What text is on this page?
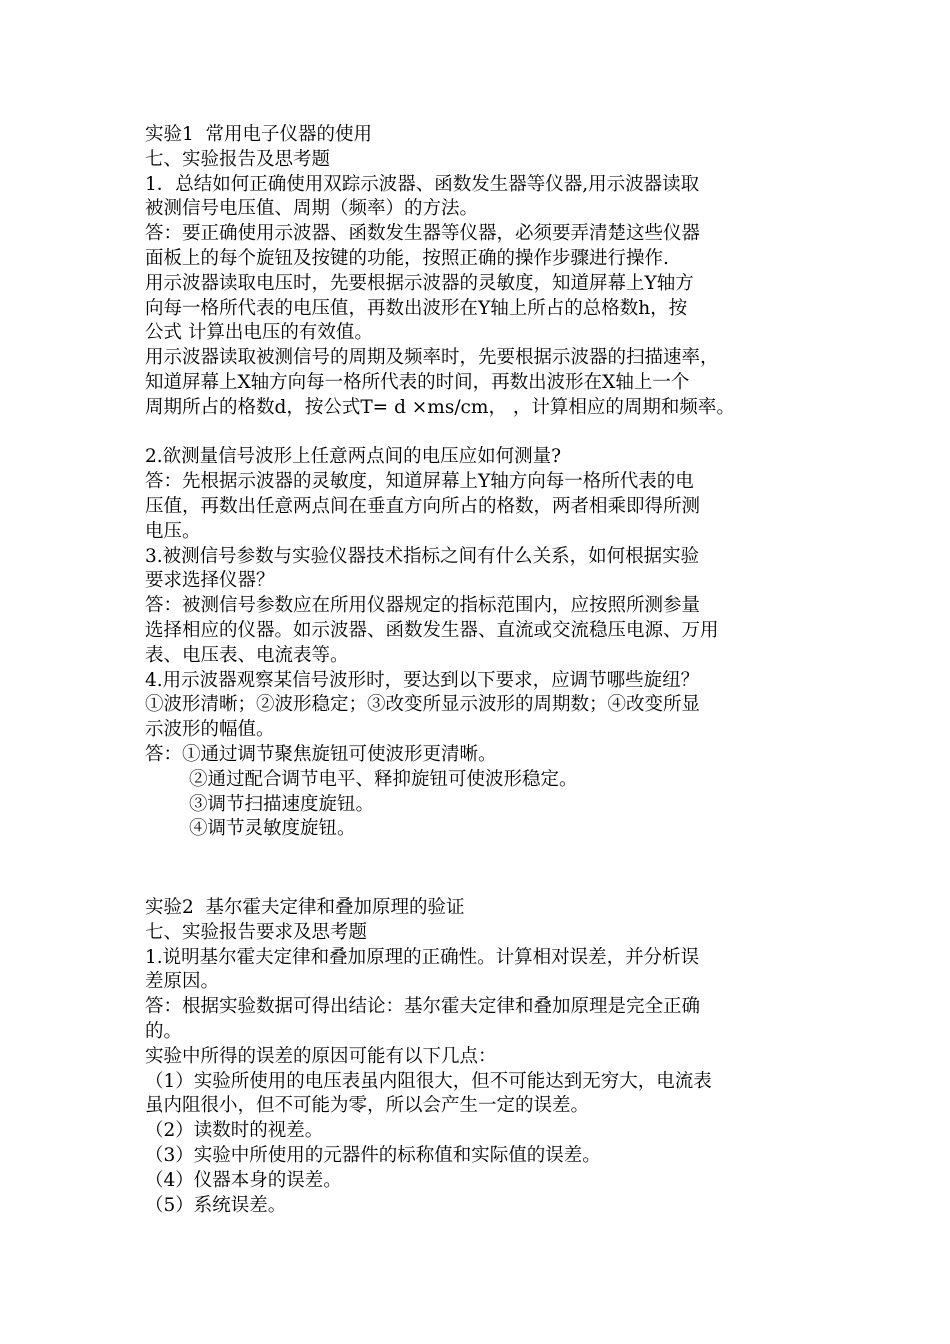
实验1  常用电子仪器的使用
七、实验报告及思考题
1．总结如何正确使用双踪示波器、函数发生器等仪器,用示波器读取
被测信号电压值、周期（频率）的方法。
答：要正确使用示波器、函数发生器等仪器，必须要弄清楚这些仪器
面板上的每个旋钮及按键的功能，按照正确的操作步骤进行操作.
用示波器读取电压时，先要根据示波器的灵敏度，知道屏幕上Y轴方
向每一格所代表的电压值，再数出波形在Y轴上所占的总格数h，按
公式 计算出电压的有效值。
用示波器读取被测信号的周期及频率时，先要根据示波器的扫描速率，
知道屏幕上X轴方向每一格所代表的时间，再数出波形在X轴上一个
周期所占的格数d，按公式T= d ×ms/cm， ，计算相应的周期和频率。
2.欲测量信号波形上任意两点间的电压应如何测量?
答：先根据示波器的灵敏度，知道屏幕上Y轴方向每一格所代表的电
压值，再数出任意两点间在垂直方向所占的格数，两者相乘即得所测
电压。
3.被测信号参数与实验仪器技术指标之间有什么关系，如何根据实验
要求选择仪器？
答：被测信号参数应在所用仪器规定的指标范围内，应按照所测参量
选择相应的仪器。如示波器、函数发生器、直流或交流稳压电源、万用
表、电压表、电流表等。
4.用示波器观察某信号波形时，要达到以下要求，应调节哪些旋纽？
①波形清晰；②波形稳定；③改变所显示波形的周期数；④改变所显
示波形的幅值。
答：①通过调节聚焦旋钮可使波形更清晰。
②通过配合调节电平、释抑旋钮可使波形稳定。
③调节扫描速度旋钮。
④调节灵敏度旋钮。
实验2  基尔霍夫定律和叠加原理的验证
七、实验报告要求及思考题
1.说明基尔霍夫定律和叠加原理的正确性。计算相对误差，并分析误
差原因。
答：根据实验数据可得出结论：基尔霍夫定律和叠加原理是完全正确
的。
实验中所得的误差的原因可能有以下几点：
（1）实验所使用的电压表虽内阻很大，但不可能达到无穷大，电流表
虽内阻很小，但不可能为零，所以会产生一定的误差。
（2）读数时的视差。
（3）实验中所使用的元器件的标称值和实际值的误差。
（4）仪器本身的误差。
（5）系统误差。
